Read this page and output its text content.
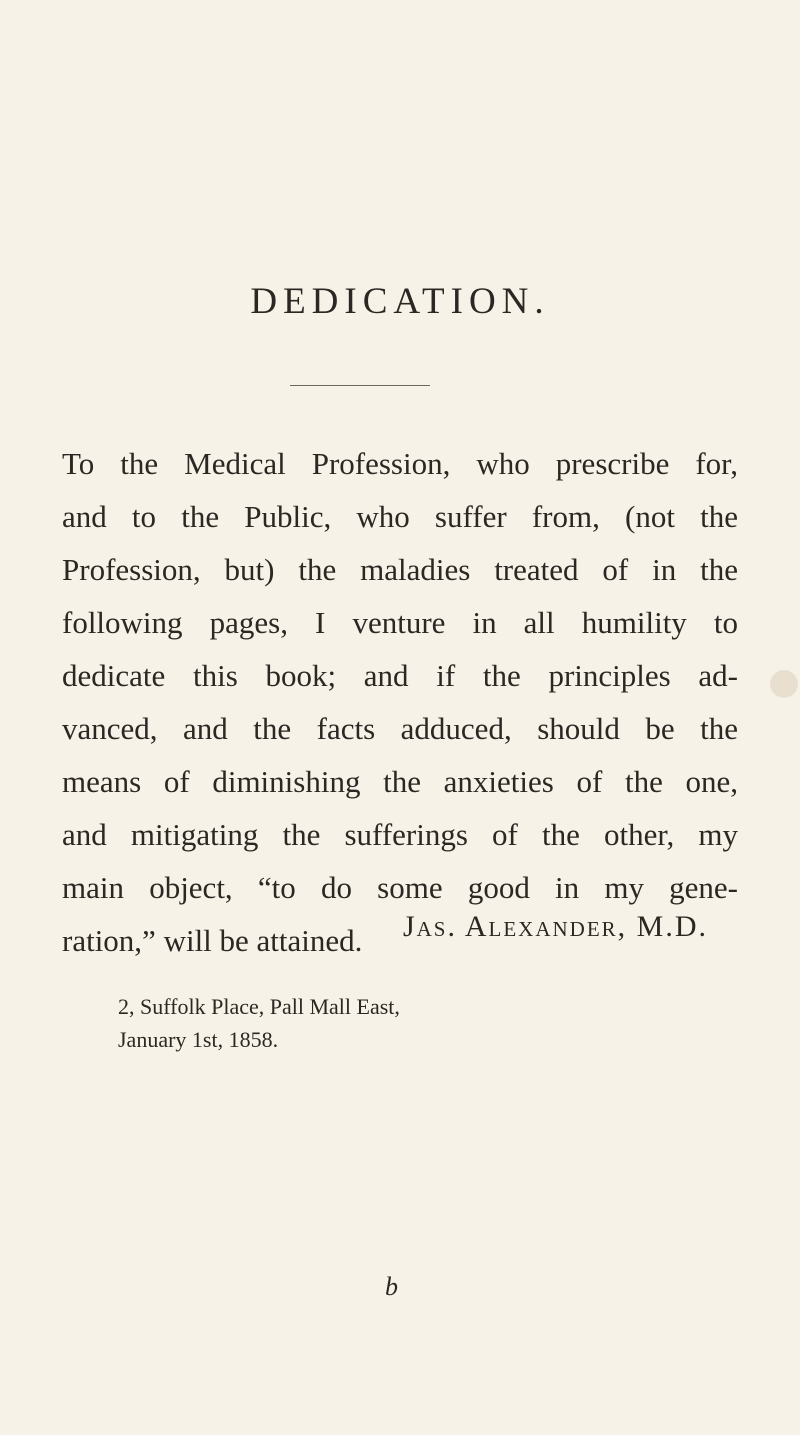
DEDICATION.
To the Medical Profession, who prescribe for,
and to the Public, who suffer from, (not the
Profession, but) the maladies treated of in the
following pages, I venture in all humility to
dedicate this book; and if the principles ad-
vanced, and the facts adduced, should be the
means of diminishing the anxieties of the one,
and mitigating the sufferings of the other, my
main object, “to do some good in my gene-
ration,” will be attained.	Jas. Alexander, M.D.
2, Suffolk Place, Pall Mall East,
January 1st, 1858.
b
